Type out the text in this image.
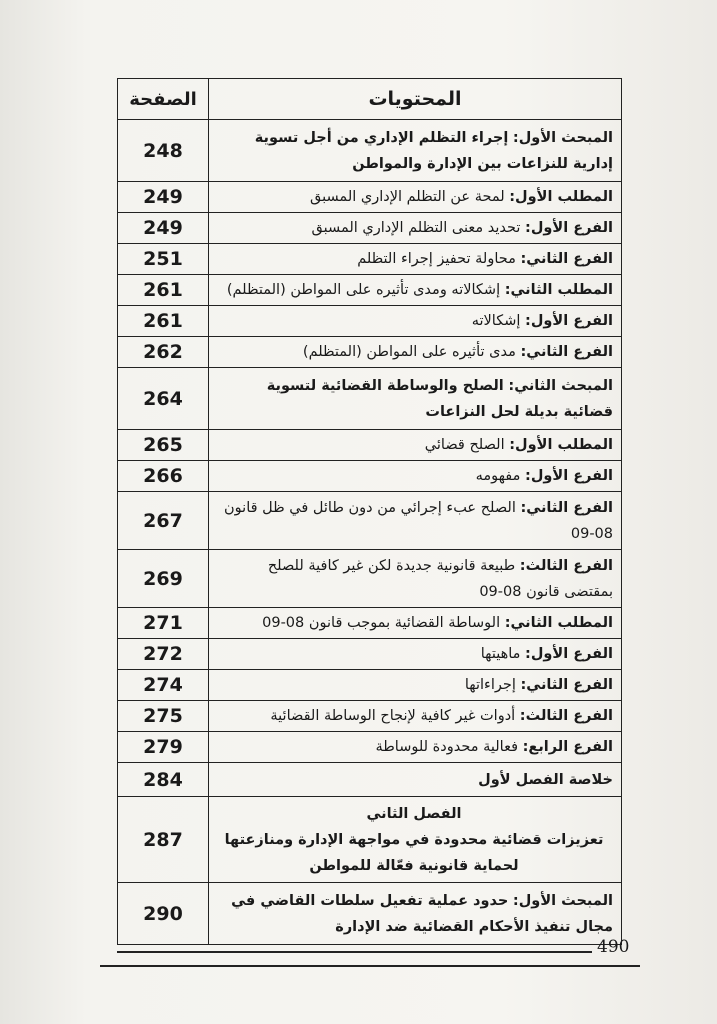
المحتويات	الصفحة
المبحث الأول: إجراء التظلم الإداري من أجل تسوية إدارية للنزاعات بين الإدارة والمواطن	248
المطلب الأول: لمحة عن التظلم الإداري المسبق	249
الفرع الأول: تحديد معنى التظلم الإداري المسبق	249
الفرع الثاني: محاولة تحفيز إجراء التظلم	251
المطلب الثاني: إشكالاته ومدى تأثيره على المواطن (المتظلم)	261
الفرع الأول: إشكالاته	261
الفرع الثاني: مدى تأثيره على المواطن (المتظلم)	262
المبحث الثاني: الصلح والوساطة القضائية لتسوية قضائية بديلة لحل النزاعات	264
المطلب الأول: الصلح قضائي	265
الفرع الأول: مفهومه	266
الفرع الثاني: الصلح عبء إجرائي من دون طائل في ظل قانون 08-09	267
الفرع الثالث: طبيعة قانونية جديدة لكن غير كافية للصلح بمقتضى قانون 08-09	269
المطلب الثاني: الوساطة القضائية بموجب قانون 08-09	271
الفرع الأول: ماهيتها	272
الفرع الثاني: إجراءاتها	274
الفرع الثالث: أدوات غير كافية لإنجاح الوساطة القضائية	275
الفرع الرابع: فعالية محدودة للوساطة	279
خلاصة الفصل لأول	284

الفصل الثاني
تعزيزات قضائية محدودة في مواجهة الإدارة ومنازعتها لحماية قانونية فعّالة للمواطن	287
المبحث الأول: حدود عملية تفعيل سلطات القاضي في مجال تنفيذ الأحكام القضائية ضد الإدارة	290
490
